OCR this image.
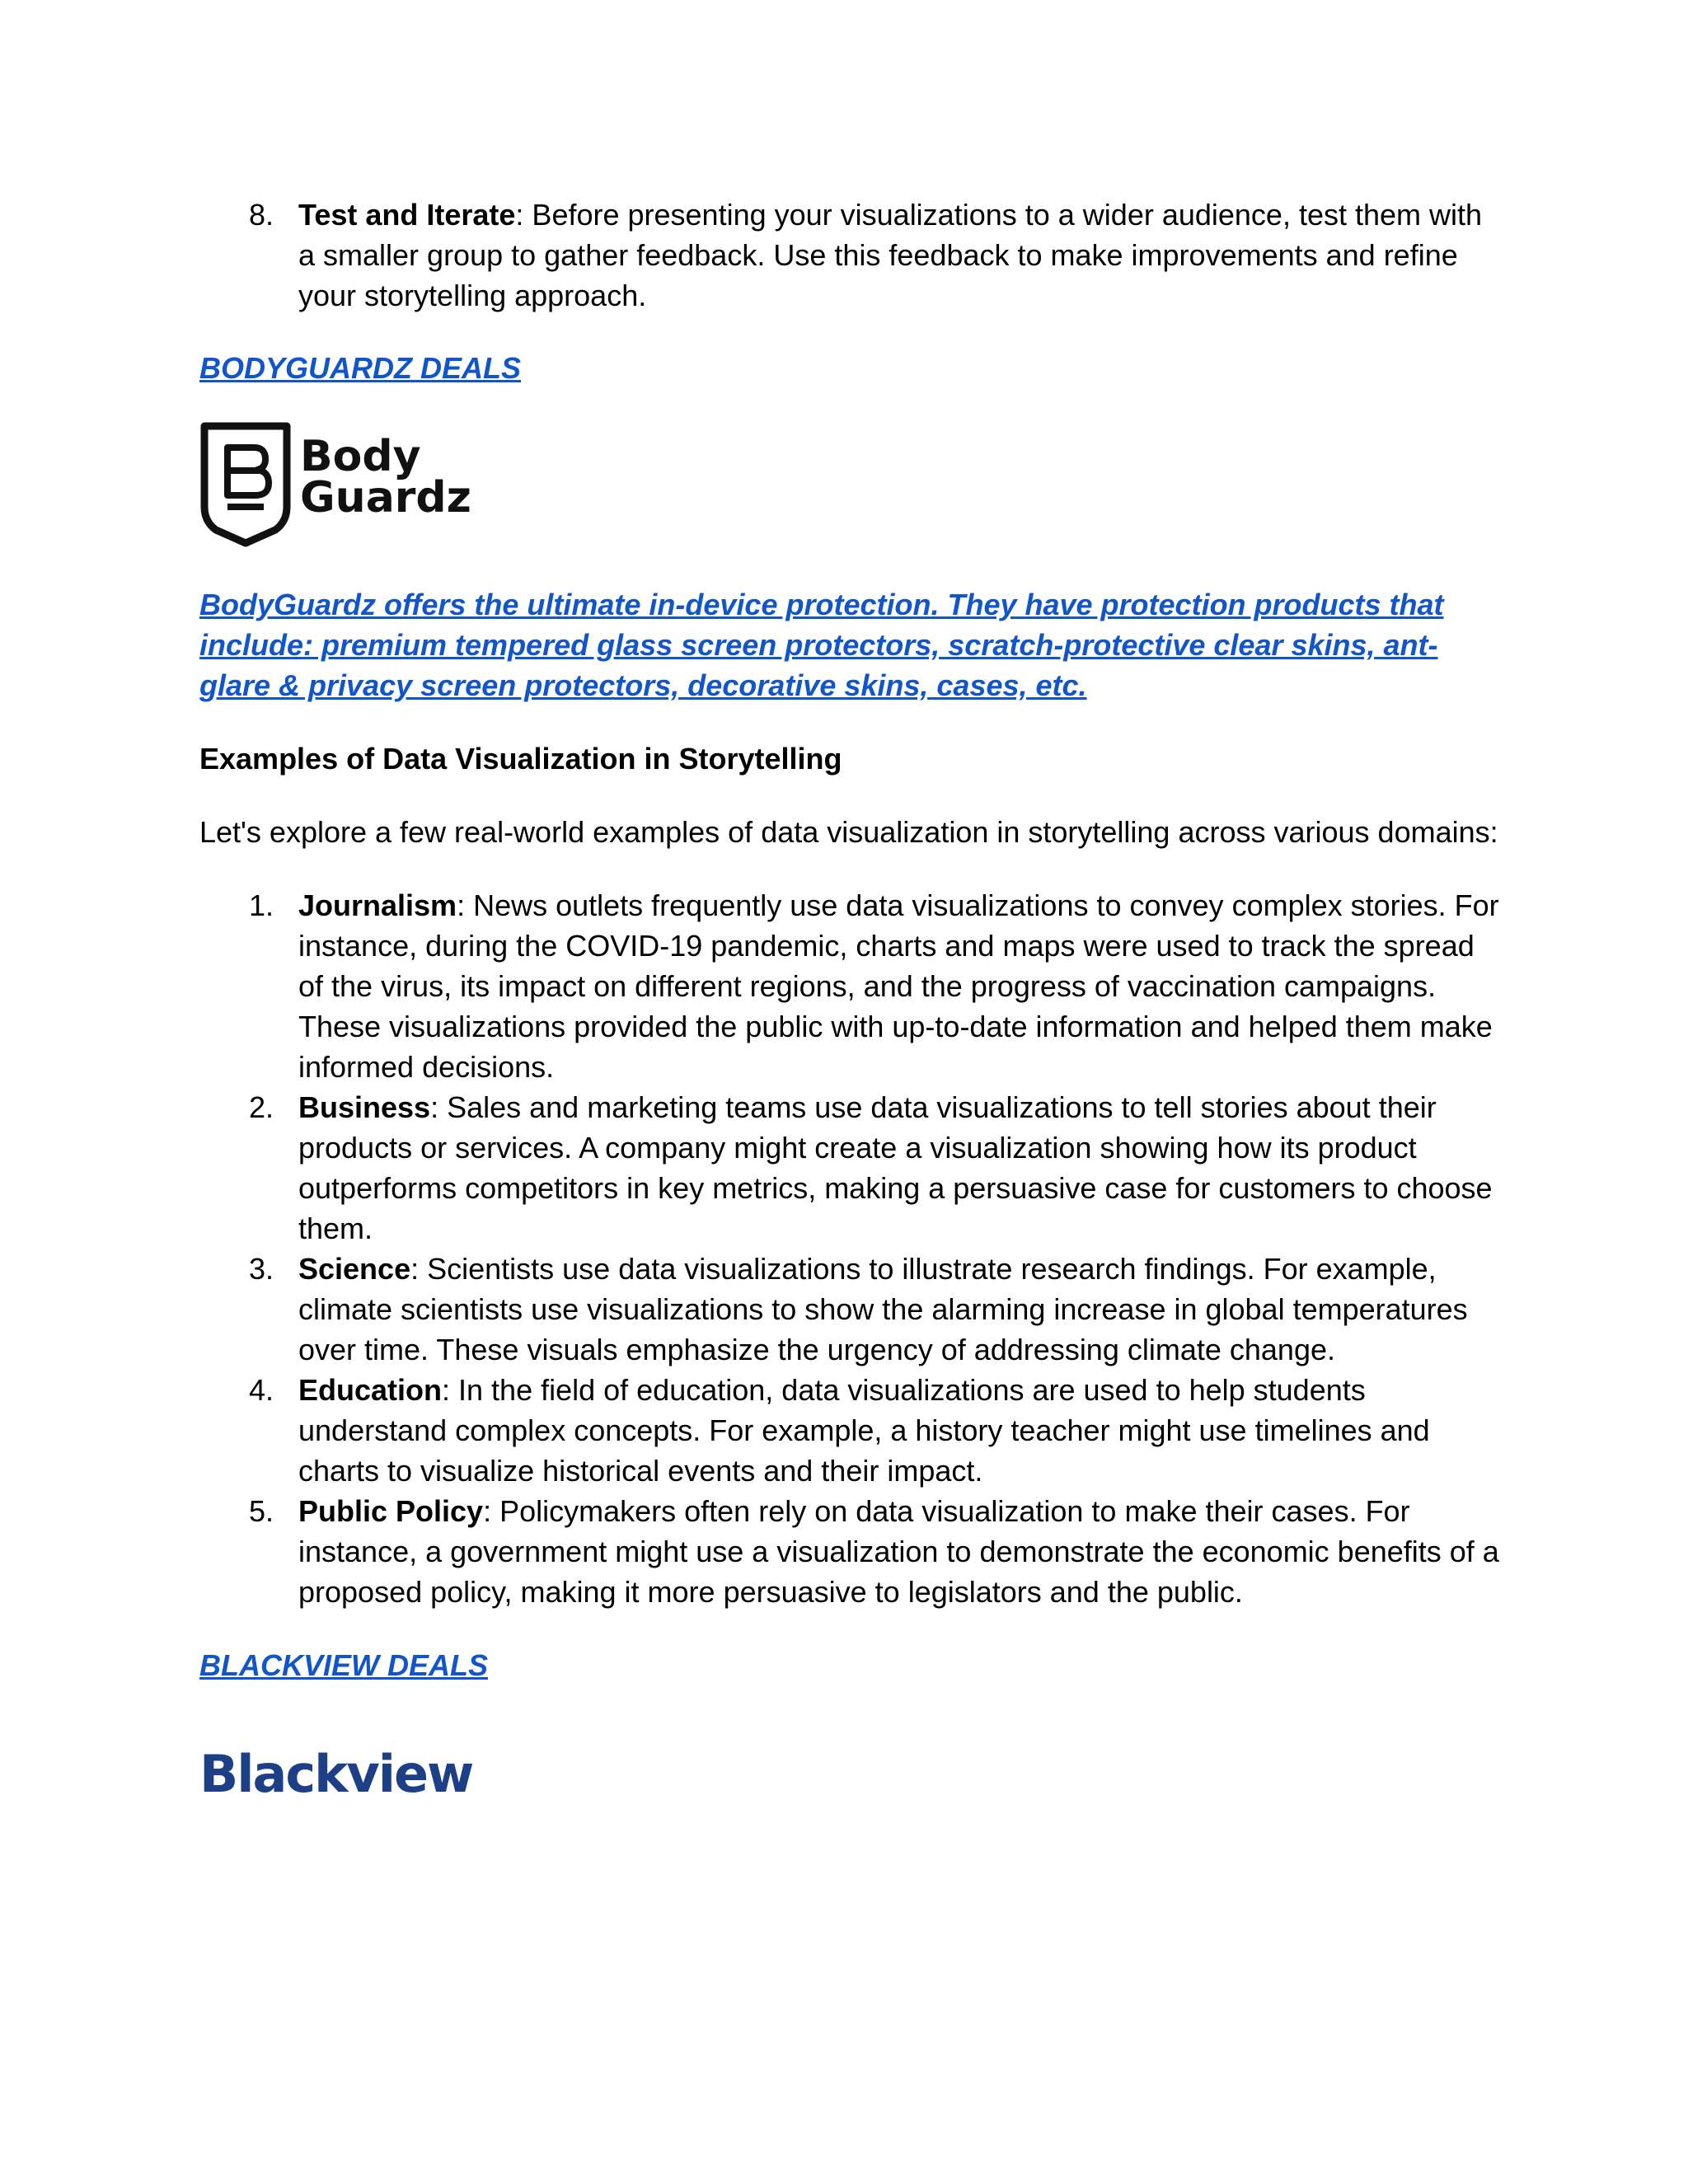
8. Test and Iterate: Before presenting your visualizations to a wider audience, test them with a smaller group to gather feedback. Use this feedback to make improvements and refine your storytelling approach.

BODYGUARDZ DEALS

Body
Guardz

BodyGuardz offers the ultimate in-device protection. They have protection products that include: premium tempered glass screen protectors, scratch-protective clear skins, ant-glare & privacy screen protectors, decorative skins, cases, etc.

Examples of Data Visualization in Storytelling

Let's explore a few real-world examples of data visualization in storytelling across various domains:

1. Journalism: News outlets frequently use data visualizations to convey complex stories. For instance, during the COVID-19 pandemic, charts and maps were used to track the spread of the virus, its impact on different regions, and the progress of vaccination campaigns. These visualizations provided the public with up-to-date information and helped them make informed decisions.
2. Business: Sales and marketing teams use data visualizations to tell stories about their products or services. A company might create a visualization showing how its product outperforms competitors in key metrics, making a persuasive case for customers to choose them.
3. Science: Scientists use data visualizations to illustrate research findings. For example, climate scientists use visualizations to show the alarming increase in global temperatures over time. These visuals emphasize the urgency of addressing climate change.
4. Education: In the field of education, data visualizations are used to help students understand complex concepts. For example, a history teacher might use timelines and charts to visualize historical events and their impact.
5. Public Policy: Policymakers often rely on data visualization to make their cases. For instance, a government might use a visualization to demonstrate the economic benefits of a proposed policy, making it more persuasive to legislators and the public.

BLACKVIEW DEALS

Blackview
